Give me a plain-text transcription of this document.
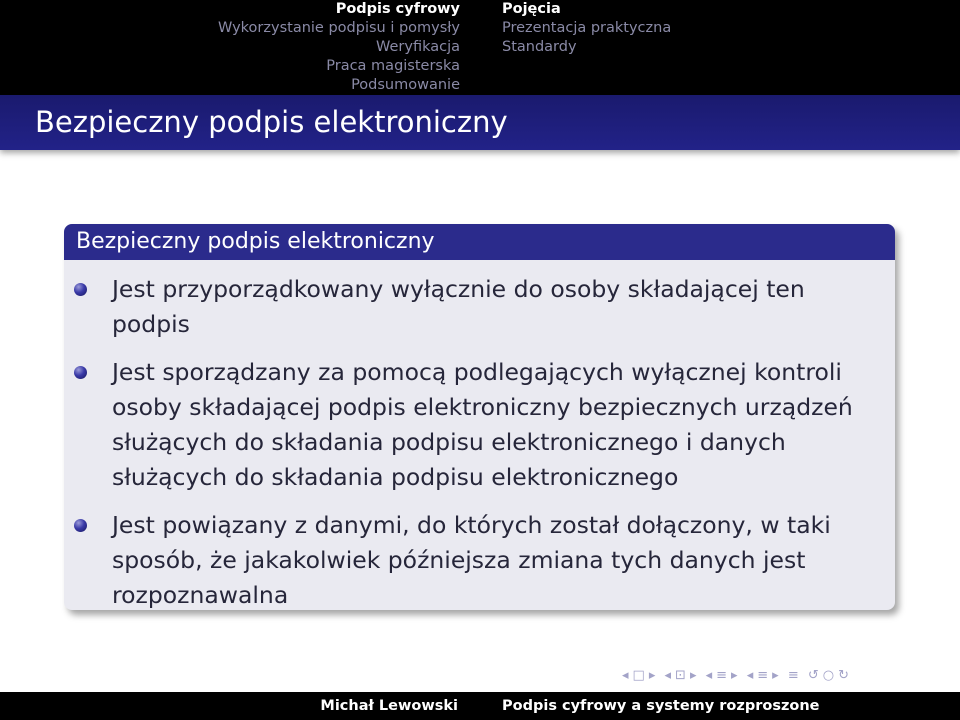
Podpis cyfrowy
Wykorzystanie podpisu i pomysły
Weryfikacja
Praca magisterska
Podsumowanie
Pojęcia
Prezentacja praktyczna
Standardy
Bezpieczny podpis elektroniczny
Bezpieczny podpis elektroniczny
Jest przyporządkowany wyłącznie do osoby składającej ten podpis
Jest sporządzany za pomocą podlegających wyłącznej kontroli osoby składającej podpis elektroniczny bezpiecznych urządzeń służących do składania podpisu elektronicznego i danych służących do składania podpisu elektronicznego
Jest powiązany z danymi, do których został dołączony, w taki sposób, że jakakolwiek późniejsza zmiana tych danych jest rozpoznawalna
◂ □ ▸ ◂ ⊡ ▸ ◂ ≡ ▸ ◂ ≡ ▸ ≡ ↺ ○ ↻
Michał Lewowski	Podpis cyfrowy a systemy rozproszone
